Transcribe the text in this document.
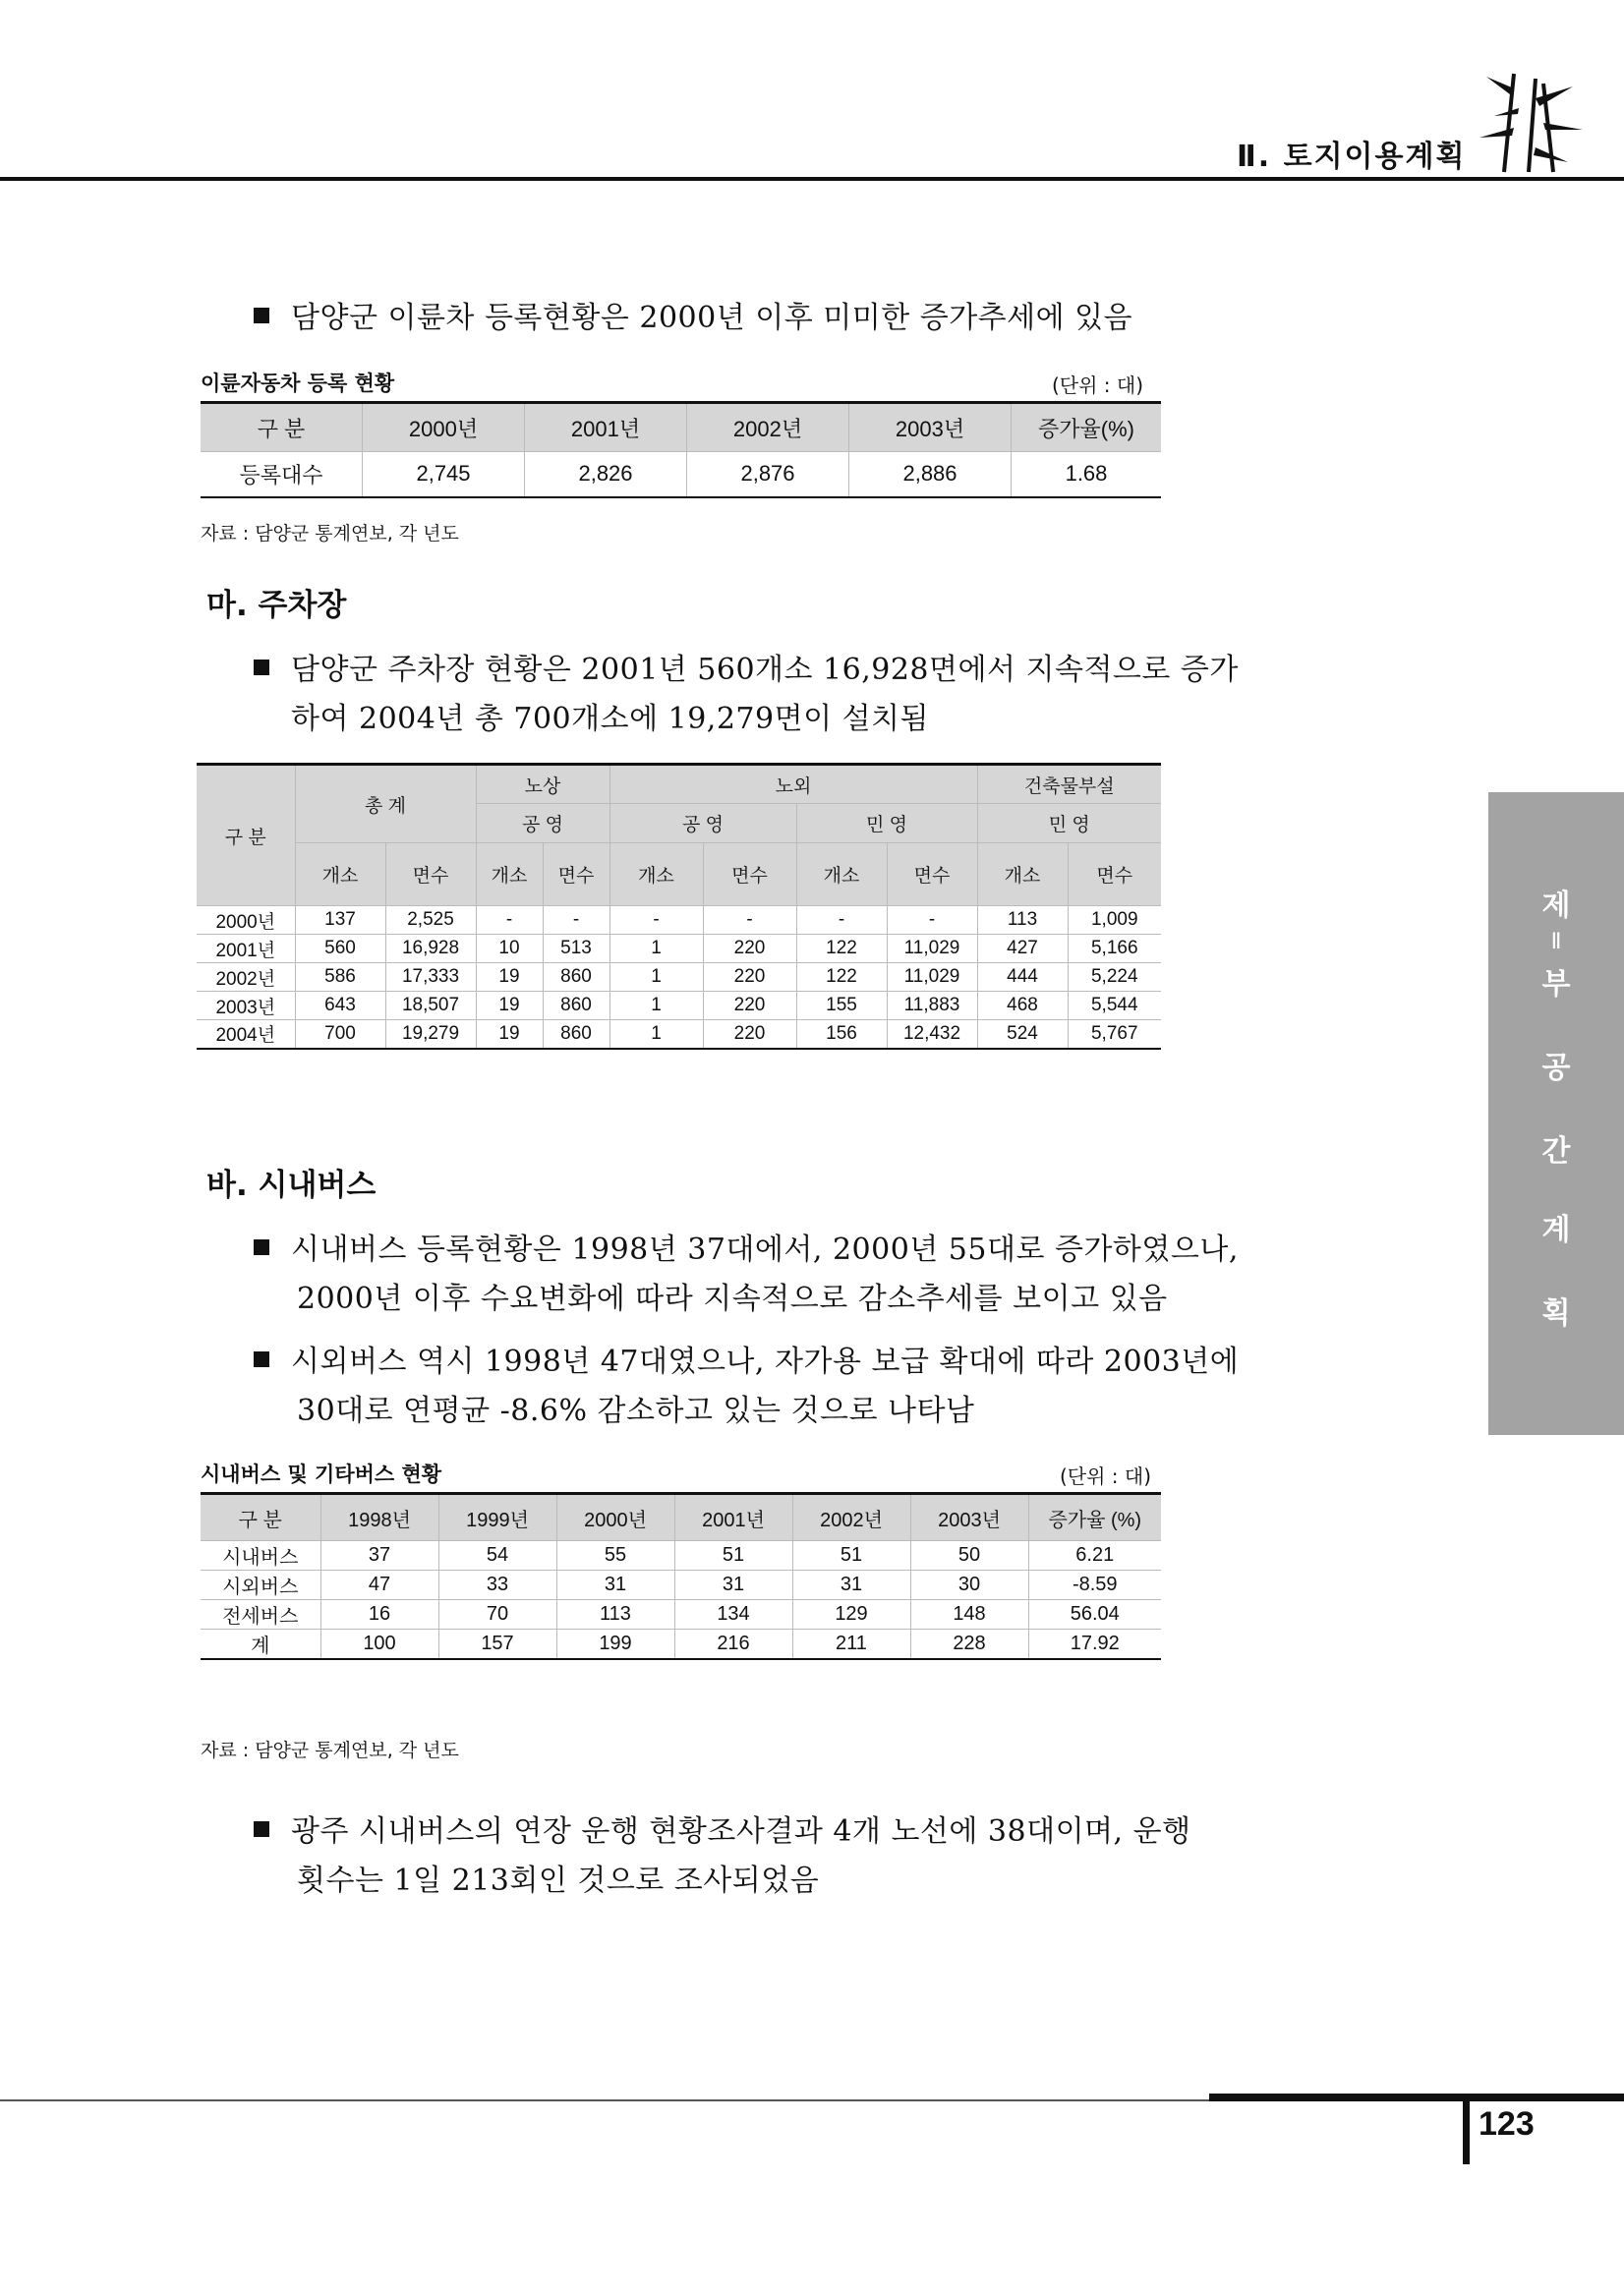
Ⅱ. 토지이용계획
제
Ⅱ
부
공
간
계
획
담양군 이륜차 등록현황은 2000년 이후 미미한 증가추세에 있음
이륜자동차 등록 현황	(단위 : 대)
구 분	2000년	2001년	2002년	2003년	증가율(%)
등록대수	2,745	2,826	2,876	2,886	1.68
자료 : 담양군 통계연보, 각 년도
마. 주차장
담양군 주차장 현황은 2001년 560개소 16,928면에서 지속적으로 증가
하여 2004년 총 700개소에 19,279면이 설치됨
구 분	총 계		노상		노외				건축물부설	
			공 영		공 영		민 영		민 영	
	개소	면수	개소	면수	개소	면수	개소	면수	개소	면수
2000년	137	2,525	-	-	-	-	-	-	113	1,009
2001년	560	16,928	10	513	1	220	122	11,029	427	5,166
2002년	586	17,333	19	860	1	220	122	11,029	444	5,224
2003년	643	18,507	19	860	1	220	155	11,883	468	5,544
2004년	700	19,279	19	860	1	220	156	12,432	524	5,767
바. 시내버스
시내버스 등록현황은 1998년 37대에서, 2000년 55대로 증가하였으나,
2000년 이후 수요변화에 따라 지속적으로 감소추세를 보이고 있음
시외버스 역시 1998년 47대였으나, 자가용 보급 확대에 따라 2003년에
30대로 연평균 -8.6% 감소하고 있는 것으로 나타남
시내버스 및 기타버스 현황	(단위 : 대)
구 분	1998년	1999년	2000년	2001년	2002년	2003년	증가율 (%)
시내버스	37	54	55	51	51	50	6.21
시외버스	47	33	31	31	31	30	-8.59
전세버스	16	70	113	134	129	148	56.04
계	100	157	199	216	211	228	17.92
자료 : 담양군 통계연보, 각 년도
광주 시내버스의 연장 운행 현황조사결과 4개 노선에 38대이며, 운행
횟수는 1일 213회인 것으로 조사되었음
123
